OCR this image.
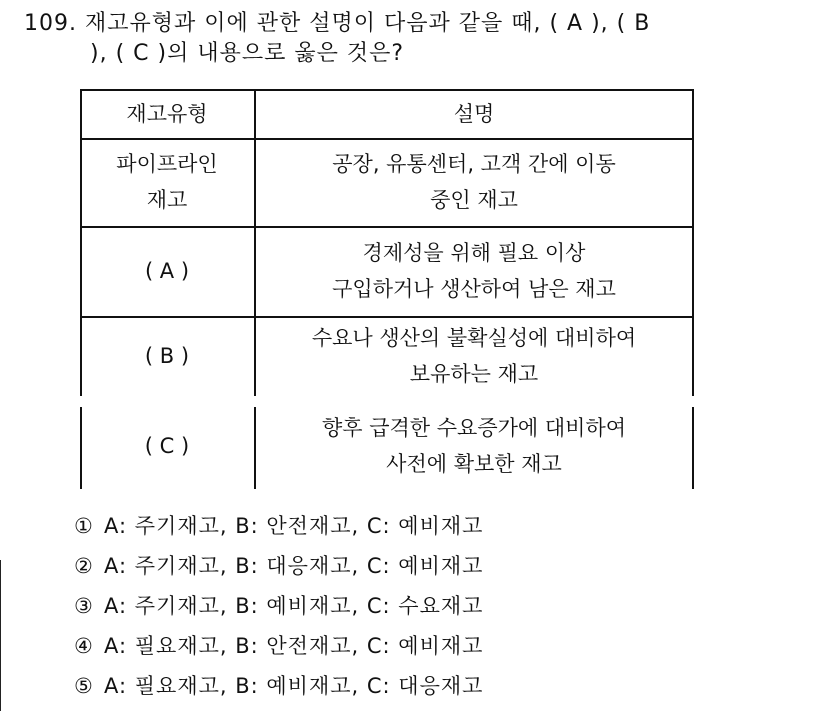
109. 재고유형과 이에 관한 설명이 다음과 같을 때, ( A ), ( B
), ( C )의 내용으로 옳은 것은?
재고유형	설명
파이프라인
재고
공장, 유통센터, 고객 간에 이동
중인 재고
( A )
경제성을 위해 필요 이상
구입하거나 생산하여 남은 재고
( B )
수요나 생산의 불확실성에 대비하여
보유하는 재고
( C )
향후 급격한 수요증가에 대비하여
사전에 확보한 재고
① A: 주기재고, B: 안전재고, C: 예비재고
② A: 주기재고, B: 대응재고, C: 예비재고
③ A: 주기재고, B: 예비재고, C: 수요재고
④ A: 필요재고, B: 안전재고, C: 예비재고
⑤ A: 필요재고, B: 예비재고, C: 대응재고
